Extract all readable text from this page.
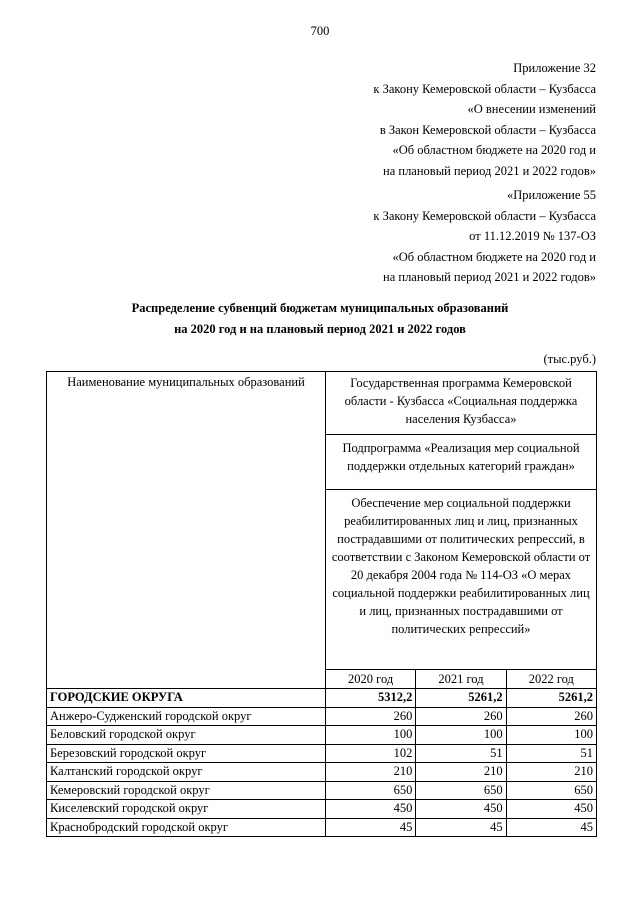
700
Приложение 32
к Закону Кемеровской области – Кузбасса
«О внесении изменений
в Закон Кемеровской области – Кузбасса
«Об областном бюджете на 2020 год и
на плановый период 2021 и 2022 годов»
«Приложение 55
к Закону Кемеровской области – Кузбасса
от 11.12.2019 № 137-ОЗ
«Об областном бюджете на 2020 год и
на плановый период 2021 и 2022 годов»
Распределение субвенций бюджетам муниципальных образований
на 2020 год и на плановый период 2021 и 2022 годов
(тыс.руб.)
Наименование муниципальных образований	Государственная программа Кемеровской области - Кузбасса «Социальная поддержка населения Кузбасса»		
	Подпрограмма «Реализация мер социальной поддержки отдельных категорий граждан»		
	Обеспечение мер социальной поддержки реабилитированных лиц и лиц, признанных пострадавшими от политических репрессий, в соответствии с Законом Кемеровской области от 20 декабря 2004 года № 114-ОЗ «О мерах социальной поддержки реабилитированных лиц и лиц, признанных пострадавшими от политических репрессий»		
	2020 год	2021 год	2022 год
ГОРОДСКИЕ ОКРУГА	5312,2	5261,2	5261,2
Анжеро-Судженский городской округ	260	260	260
Беловский городской округ	100	100	100
Березовский городской округ	102	51	51
Калтанский городской округ	210	210	210
Кемеровский городской округ	650	650	650
Киселевский городской округ	450	450	450
Краснобродский городской округ	45	45	45
